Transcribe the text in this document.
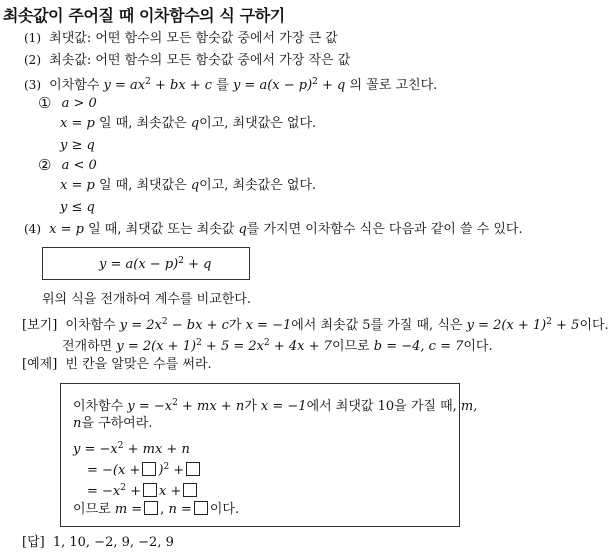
최솟값이 주어질 때 이차함수의 식 구하기
(1) 최댓값: 어떤 함수의 모든 함숫값 중에서 가장 큰 값
(2) 최솟값: 어떤 함수의 모든 함숫값 중에서 가장 작은 값
(3) 이차함수 $y = ax^2$ + bx + c 를 $y = a(x - p)^2 + q$ 의 꼴로 고친다.
① a > 0
x = p 일 때, 최솟값은 q이고, 최댓값은 없다.
y ≥ q
② a < 0
x = p 일 때, 최댓값은 q이고, 최솟값은 없다.
y ≤ q
(4) x = p 일 때, 최댓값 또는 최솟값 q를 가지면 이차함수 식은 다음과 같이 쓸 수 있다.
$y = a(x - p)^2 + q$
위의 식을 전개하여 계수를 비교한다.
[보기] 이차함수 $y = 2x^2$ − bx + c가 x = −1에서 최솟값 5를 가질 때, 식은 $y = 2(x + 1)^2 + 5$이다.
전개하면 $y = 2(x + 1)^2 + 5 = 2x^2 + 4x + 7$이므로 b = −4, c = 7이다.
[예제] 빈 칸을 알맞은 수를 써라.
이차함수 $y = -x^2$ + mx + n가 x = −1에서 최댓값 10을 가질 때, m,
n을 구하여라.
$y = -x^2$ + mx + n
= $-(x + )^2$ +
= $-x^2 + x$ +
이므로 m = , n = 이다.
[답] 1, 10, −2, 9, −2, 9
